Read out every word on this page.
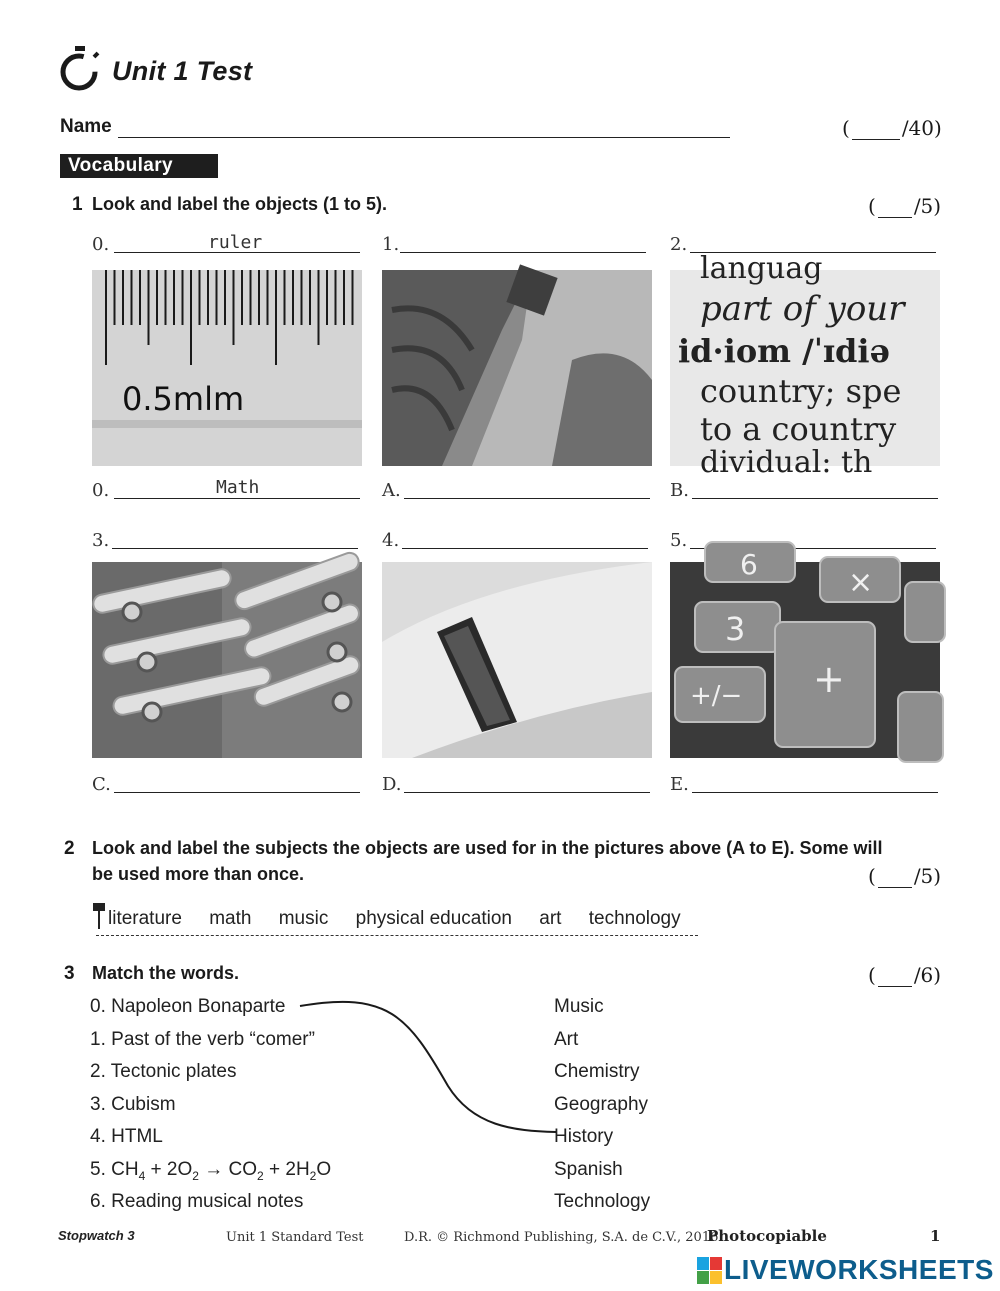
Unit 1 Test
Name	(	/40)
Vocabulary
1 Look and label the objects (1 to 5).	( /5)
0.	ruler	1.	2.
0.5mlm
languag
part of your
id·iom /ˈɪdiə
country; spe
to a country
dividual: th
0.	Math	A.	B.
3.	4.	5.
6
×
3
+
+/−
C.	D.	E.
2 Look and label the subjects the objects are used for in the pictures above (A to E). Some will
be used more than once.	( /5)
literature math music physical education art technology
3 Match the words.	( /6)
0. Napoleon Bonaparte
1. Past of the verb “comer”
2. Tectonic plates
3. Cubism
4. HTML
5. $CH_4 + 2O_2 \to CO_2 + 2H_2O$
6. Reading musical notes
Music
Art
Chemistry
Geography
History
Spanish
Technology
Stopwatch 3	Unit 1 Standard Test	D.R. © Richmond Publishing, S.A. de C.V., 2016
Photocopiable	1
LIVEWORKSHEETS
